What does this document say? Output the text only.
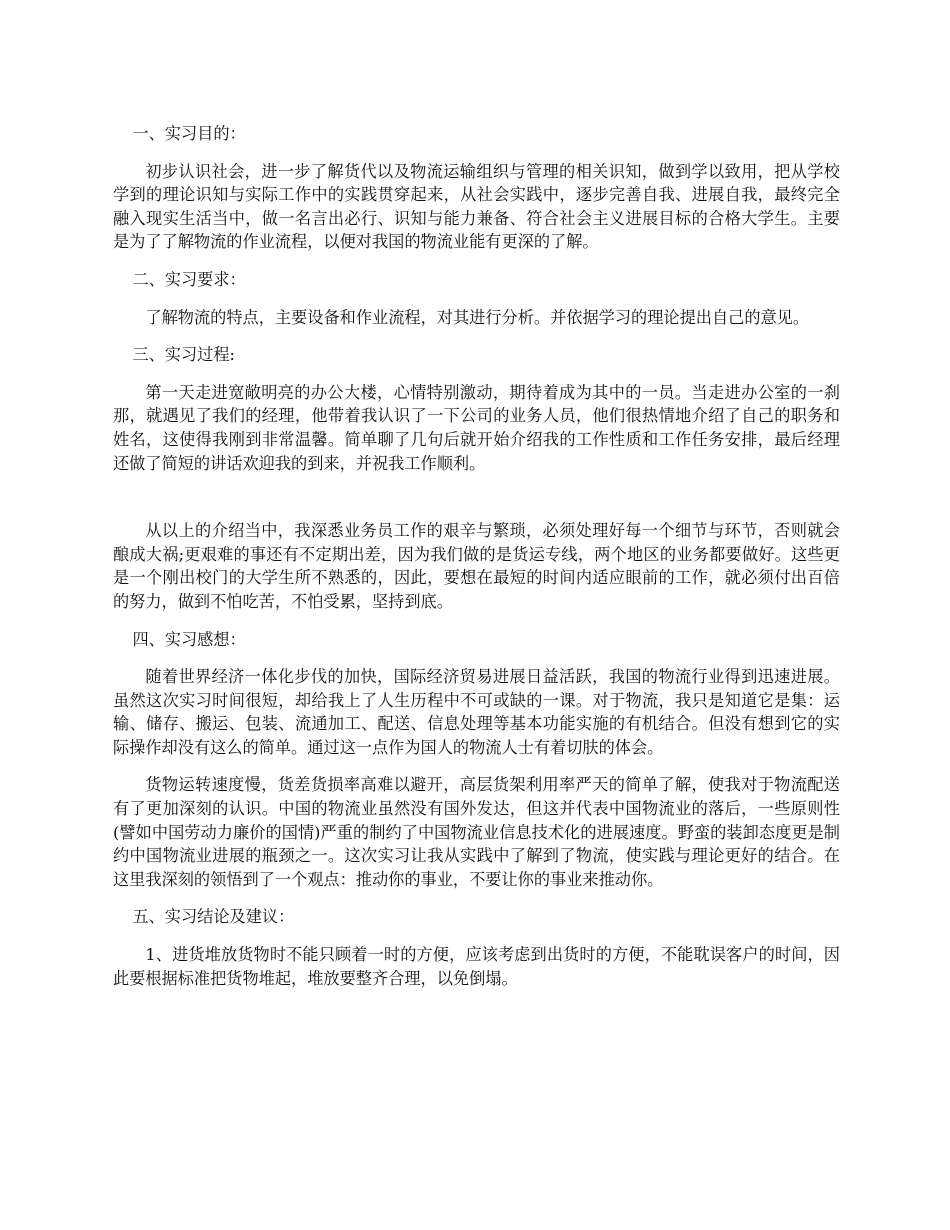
一、实习目的：

初步认识社会，进一步了解货代以及物流运输组织与管理的相关识知，做到学以致用，把从学校学到的理论识知与实际工作中的实践贯穿起来，从社会实践中，逐步完善自我、进展自我，最终完全融入现实生活当中，做一名言出必行、识知与能力兼备、符合社会主义进展目标的合格大学生。主要是为了了解物流的作业流程，以便对我国的物流业能有更深的了解。

二、实习要求：

了解物流的特点，主要设备和作业流程，对其进行分析。并依据学习的理论提出自己的意见。

三、实习过程:

第一天走进宽敞明亮的办公大楼，心情特别激动，期待着成为其中的一员。当走进办公室的一刹那，就遇见了我们的经理，他带着我认识了一下公司的业务人员，他们很热情地介绍了自己的职务和姓名，这使得我刚到非常温馨。简单聊了几句后就开始介绍我的工作性质和工作任务安排，最后经理还做了简短的讲话欢迎我的到来，并祝我工作顺利。

从以上的介绍当中，我深悉业务员工作的艰辛与繁琐，必须处理好每一个细节与环节，否则就会酿成大祸;更艰难的事还有不定期出差，因为我们做的是货运专线，两个地区的业务都要做好。这些更是一个刚出校门的大学生所不熟悉的，因此，要想在最短的时间内适应眼前的工作，就必须付出百倍的努力，做到不怕吃苦，不怕受累，坚持到底。

四、实习感想：

随着世界经济一体化步伐的加快，国际经济贸易进展日益活跃，我国的物流行业得到迅速进展。虽然这次实习时间很短，却给我上了人生历程中不可或缺的一课。对于物流，我只是知道它是集：运输、储存、搬运、包装、流通加工、配送、信息处理等基本功能实施的有机结合。但没有想到它的实际操作却没有这么的简单。通过这一点作为国人的物流人士有着切肤的体会。

货物运转速度慢，货差货损率高难以避开，高层货架利用率严天的简单了解，使我对于物流配送有了更加深刻的认识。中国的物流业虽然没有国外发达，但这并代表中国物流业的落后，一些原则性(譬如中国劳动力廉价的国情)严重的制约了中国物流业信息技术化的进展速度。野蛮的装卸态度更是制约中国物流业进展的瓶颈之一。这次实习让我从实践中了解到了物流，使实践与理论更好的结合。在这里我深刻的领悟到了一个观点：推动你的事业，不要让你的事业来推动你。

五、实习结论及建议：

1、进货堆放货物时不能只顾着一时的方便，应该考虑到出货时的方便，不能耽误客户的时间，因此要根据标准把货物堆起，堆放要整齐合理，以免倒塌。
